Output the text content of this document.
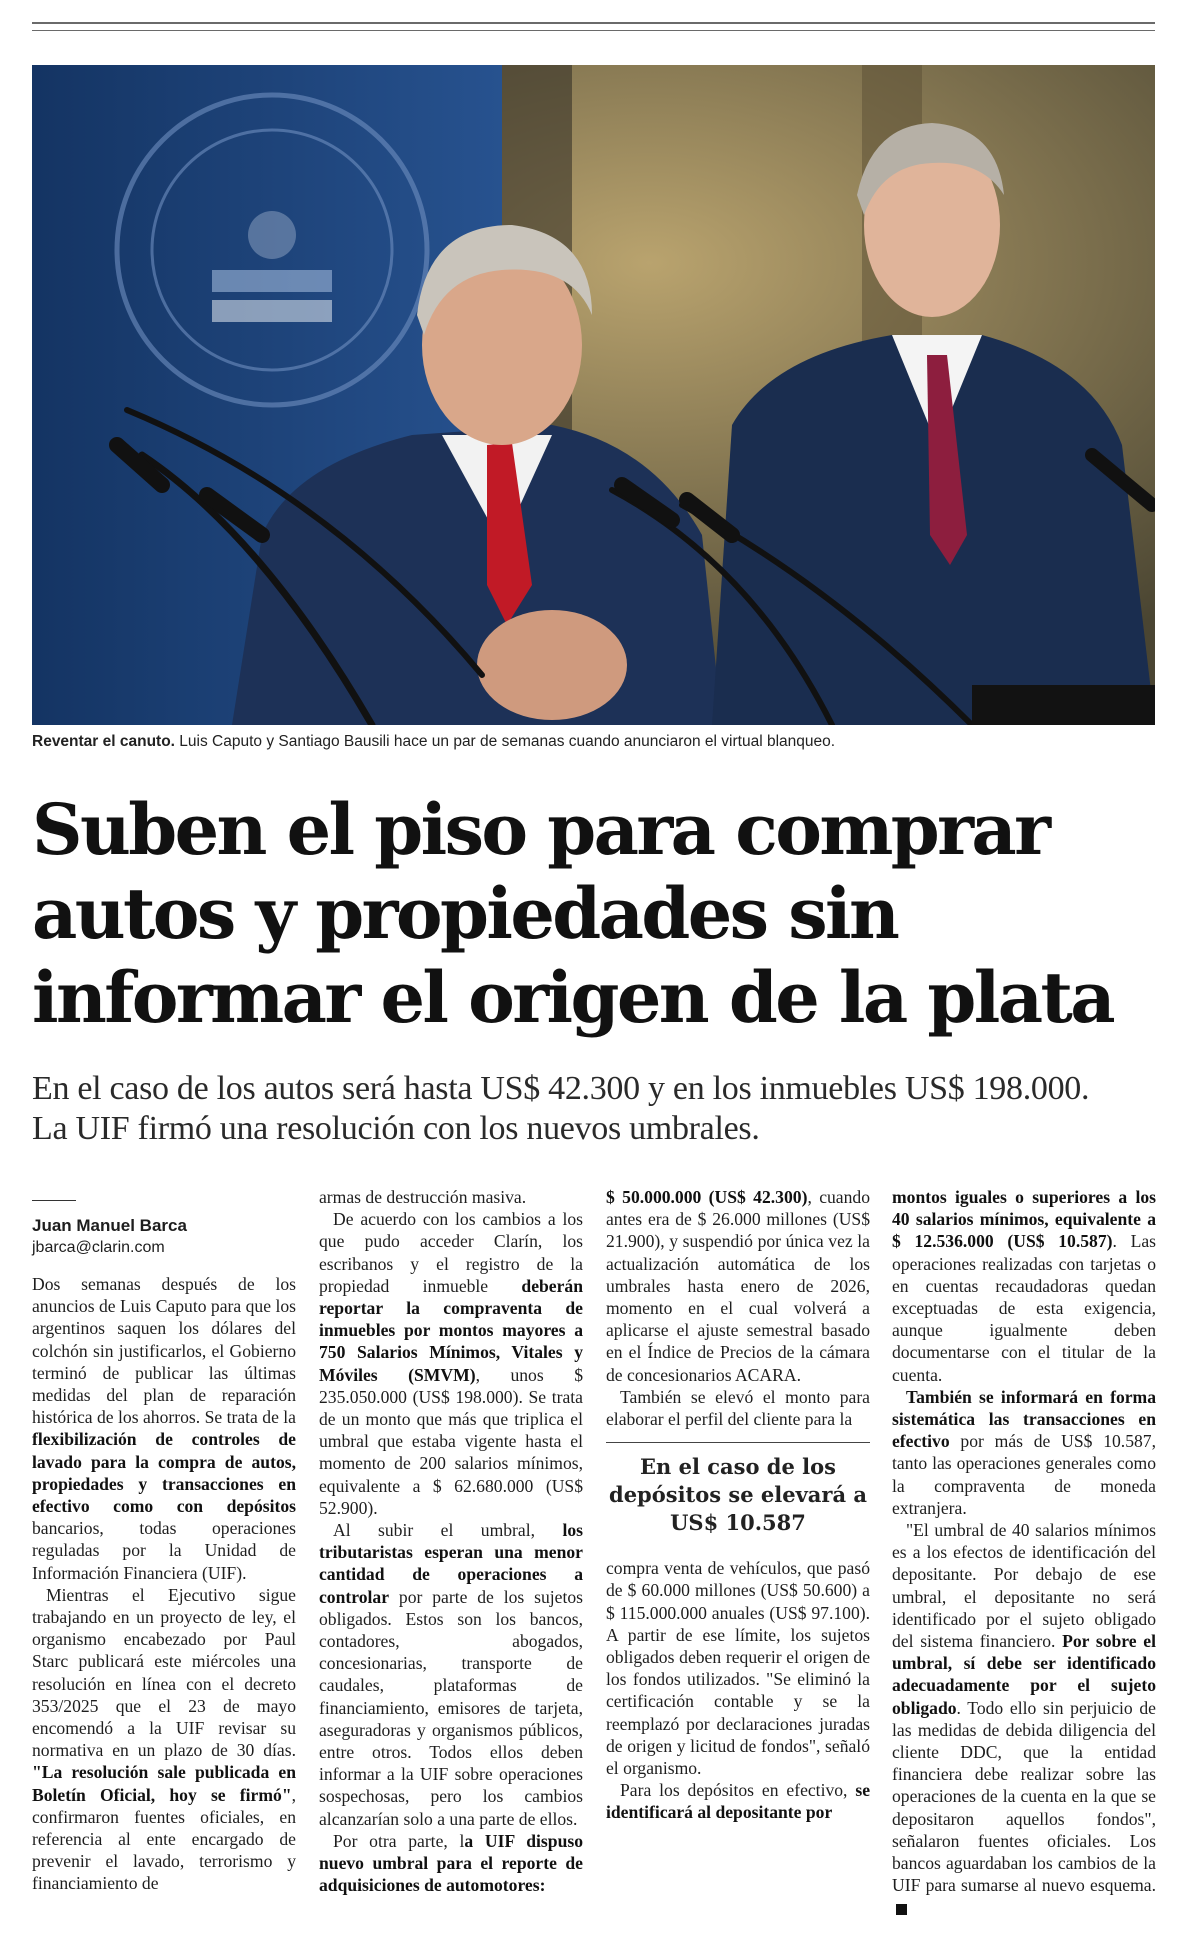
Reventar el canuto. Luis Caputo y Santiago Bausili hace un par de semanas cuando anunciaron el virtual blanqueo.
Suben el piso para comprar
autos y propiedades sin
informar el origen de la plata
En el caso de los autos será hasta US$ 42.300 y en los inmuebles US$ 198.000.
La UIF firmó una resolución con los nuevos umbrales.

Juan Manuel Barca

jbarca@clarin.com

Dos semanas después de los anuncios de Luis Caputo para que los argentinos saquen los dólares del colchón sin justificarlos, el Gobierno terminó de publicar las últimas medidas del plan de reparación histórica de los ahorros. Se trata de la flexibilización de controles de lavado para la compra de autos, propiedades y transacciones en efectivo como con depósitos bancarios, todas operaciones reguladas por la Unidad de Información Financiera (UIF).

Mientras el Ejecutivo sigue trabajando en un proyecto de ley, el organismo encabezado por Paul Starc publicará este miércoles una resolución en línea con el decreto 353/2025 que el 23 de mayo encomendó a la UIF revisar su normativa en un plazo de 30 días. "La resolución sale publicada en Boletín Oficial, hoy se firmó", confirmaron fuentes oficiales, en referencia al ente encargado de prevenir el lavado, terrorismo y financiamiento de

armas de destrucción masiva.

De acuerdo con los cambios a los que pudo acceder Clarín, los escribanos y el registro de la propiedad inmueble deberán reportar la compraventa de inmuebles por montos mayores a 750 Salarios Mínimos, Vitales y Móviles (SMVM), unos $ 235.050.000 (US$ 198.000). Se trata de un monto que más que triplica el umbral que estaba vigente hasta el momento de 200 salarios mínimos, equivalente a $ 62.680.000 (US$ 52.900).

Al subir el umbral, los tributaristas esperan una menor cantidad de operaciones a controlar por parte de los sujetos obligados. Estos son los bancos, contadores, abogados, concesionarias, transporte de caudales, plataformas de financiamiento, emisores de tarjeta, aseguradoras y organismos públicos, entre otros. Todos ellos deben informar a la UIF sobre operaciones sospechosas, pero los cambios alcanzarían solo a una parte de ellos.

Por otra parte, la UIF dispuso nuevo umbral para el reporte de adquisiciones de automotores:

$ 50.000.000 (US$ 42.300), cuando antes era de $ 26.000 millones (US$ 21.900), y suspendió por única vez la actualización automática de los umbrales hasta enero de 2026, momento en el cual volverá a aplicarse el ajuste semestral basado en el Índice de Precios de la cámara de concesionarios ACARA.

También se elevó el monto para elaborar el perfil del cliente para la

En el caso de los depósitos se elevará a US$ 10.587

compra venta de vehículos, que pasó de $ 60.000 millones (US$ 50.600) a $ 115.000.000 anuales (US$ 97.100). A partir de ese límite, los sujetos obligados deben requerir el origen de los fondos utilizados. "Se eliminó la certificación contable y se la reemplazó por declaraciones juradas de origen y licitud de fondos", señaló el organismo.

Para los depósitos en efectivo, se identificará al depositante por

montos iguales o superiores a los 40 salarios mínimos, equivalente a $ 12.536.000 (US$ 10.587). Las operaciones realizadas con tarjetas o en cuentas recaudadoras quedan exceptuadas de esta exigencia, aunque igualmente deben documentarse con el titular de la cuenta.

También se informará en forma sistemática las transacciones en efectivo por más de US$ 10.587, tanto las operaciones generales como la compraventa de moneda extranjera.

"El umbral de 40 salarios mínimos es a los efectos de identificación del depositante. Por debajo de ese umbral, el depositante no será identificado por el sujeto obligado del sistema financiero. Por sobre el umbral, sí debe ser identificado adecuadamente por el sujeto obligado. Todo ello sin perjuicio de las medidas de debida diligencia del cliente DDC, que la entidad financiera debe realizar sobre las operaciones de la cuenta en la que se depositaron aquellos fondos", señalaron fuentes oficiales. Los bancos aguardaban los cambios de la UIF para sumarse al nuevo esquema.
